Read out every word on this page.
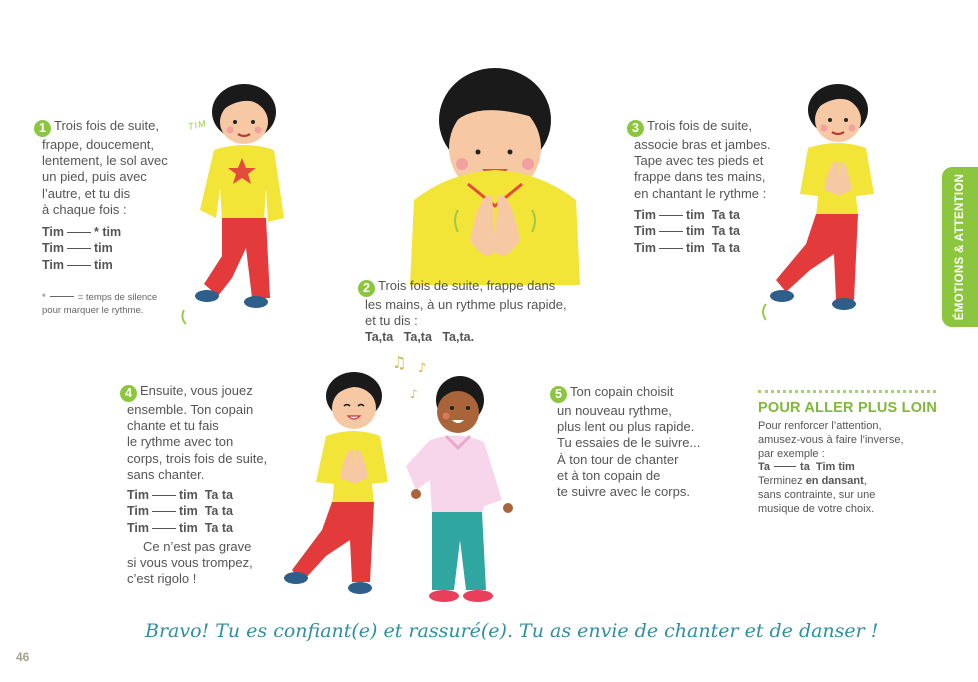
1 Trois fois de suite,
frappe, doucement,
lentement, le sol avec
un pied, puis avec
l’autre, et tu dis
à chaque fois :
Tim * tim
Tim tim
Tim tim
*	= temps de silence
pour marquer le rythme.
TIM
2 Trois fois de suite, frappe dans
les mains, à un rythme plus rapide,
et tu dis :
Ta,ta   Ta,ta   Ta,ta.
3 Trois fois de suite,
associe bras et jambes.
Tape avec tes pieds et
frappe dans tes mains,
en chantant le rythme :
Tim tim  Ta ta
Tim tim  Ta ta
Tim tim  Ta ta	ÉMOTIONS & ATTENTION
4 Ensuite, vous jouez
ensemble. Ton copain
chante et tu fais
le rythme avec ton
corps, trois fois de suite,
sans chanter.
Tim tim  Ta ta
Tim tim  Ta ta
Tim tim  Ta ta
Ce n’est pas grave
si vous vous trompez,
c’est rigolo !
♫ ♪
♪	5 Ton copain choisit
un nouveau rythme,
plus lent ou plus rapide.
Tu essaies de le suivre...
À ton tour de chanter
et à ton copain de
te suivre avec le corps.
POUR ALLER PLUS LOIN
Pour renforcer l’attention,
amusez-vous à faire l’inverse,
par exemple :
Ta	ta  Tim tim
Terminez en dansant,
sans contrainte, sur une
musique de votre choix.
Bravo! Tu es confiant(e) et rassuré(e). Tu as envie de chanter et de danser !
46
